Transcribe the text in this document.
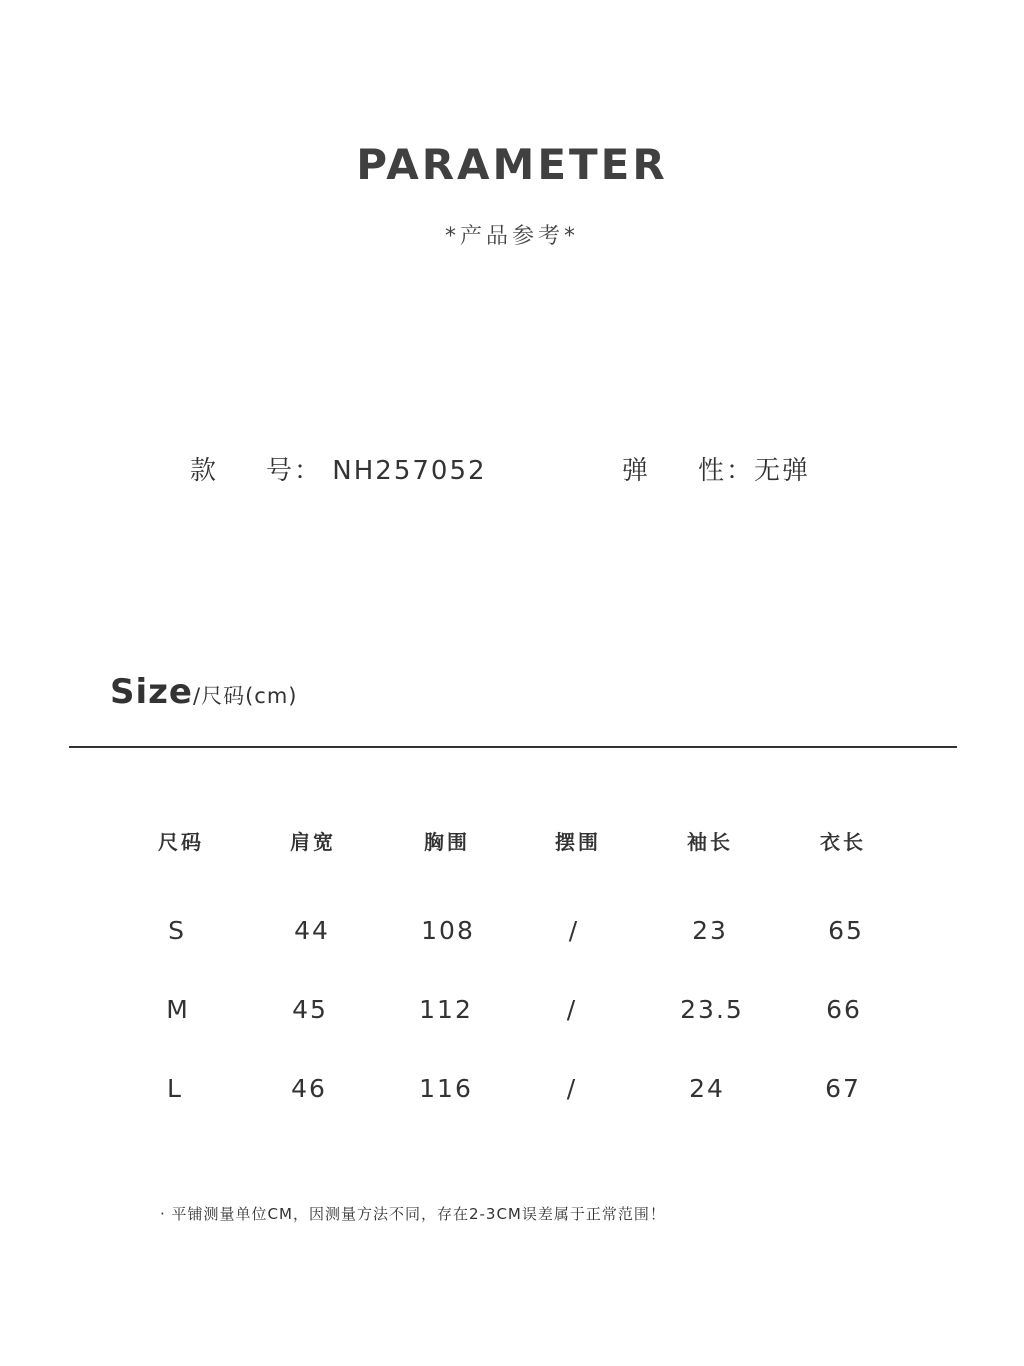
PARAMETER
*产品参考*
款 号： NH257052	弹 性：无弹
Size/尺码(cm)
尺码	肩宽	胸围	摆围	袖长	衣长
S	44	108	/	23	65
M	45	112	/	23.5	66
L	46	116	/	24	67
· 平铺测量单位CM，因测量方法不同，存在2-3CM误差属于正常范围！
